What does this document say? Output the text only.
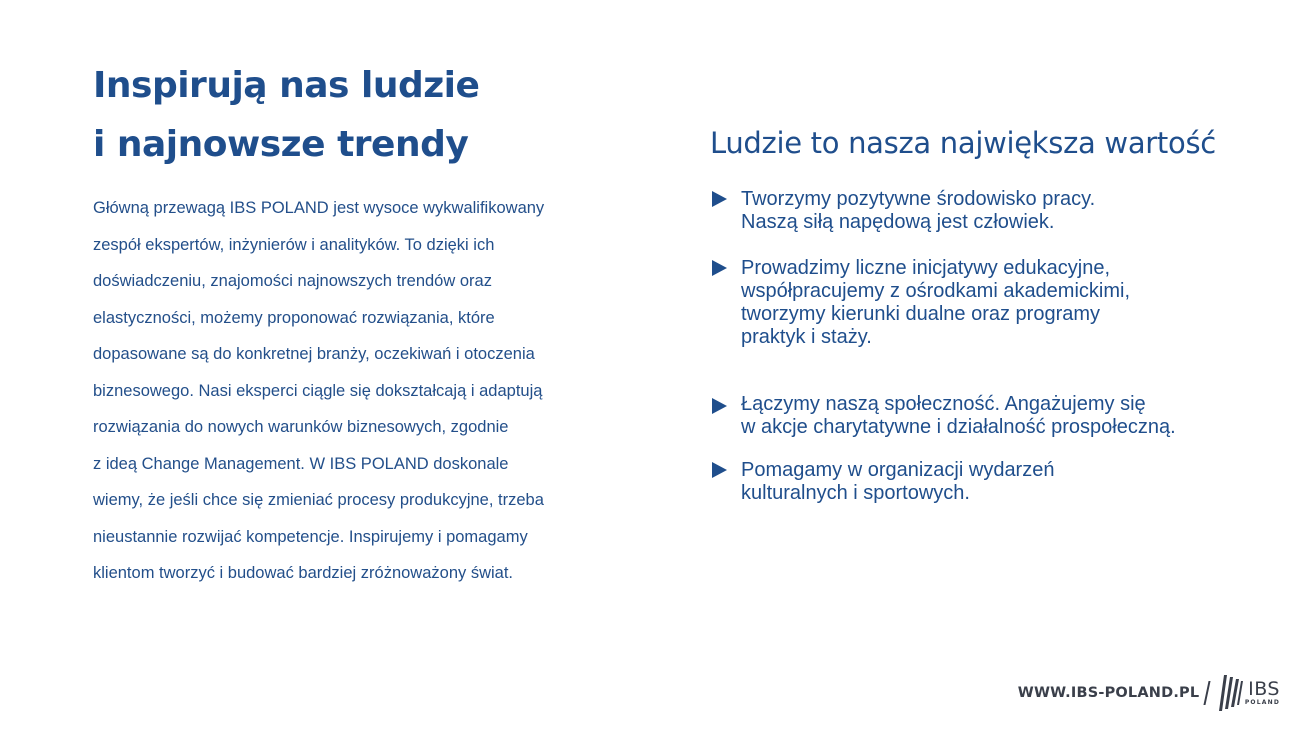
Inspirują nas ludzie
i najnowsze trendy
Główną przewagą IBS POLAND jest wysoce wykwalifikowany
zespół ekspertów, inżynierów i analityków. To dzięki ich
doświadczeniu, znajomości najnowszych trendów oraz
elastyczności, możemy proponować rozwiązania, które
dopasowane są do konkretnej branży, oczekiwań i otoczenia
biznesowego. Nasi eksperci ciągle się dokształcają i adaptują
rozwiązania do nowych warunków biznesowych, zgodnie
z ideą Change Management. W IBS POLAND doskonale
wiemy, że jeśli chce się zmieniać procesy produkcyjne, trzeba
nieustannie rozwijać kompetencje. Inspirujemy i pomagamy
klientom tworzyć i budować bardziej zróżnoważony świat.
Ludzie to nasza największa wartość
Tworzymy pozytywne środowisko pracy.
Naszą siłą napędową jest człowiek.
Prowadzimy liczne inicjatywy edukacyjne,
współpracujemy z ośrodkami akademickimi,
tworzymy kierunki dualne oraz programy
praktyk i staży.
Łączymy naszą społeczność. Angażujemy się
w akcje charytatywne i działalność prospołeczną.
Pomagamy w organizacji wydarzeń
kulturalnych i sportowych.
WWW.IBS-POLAND.PL	IBS
POLAND
